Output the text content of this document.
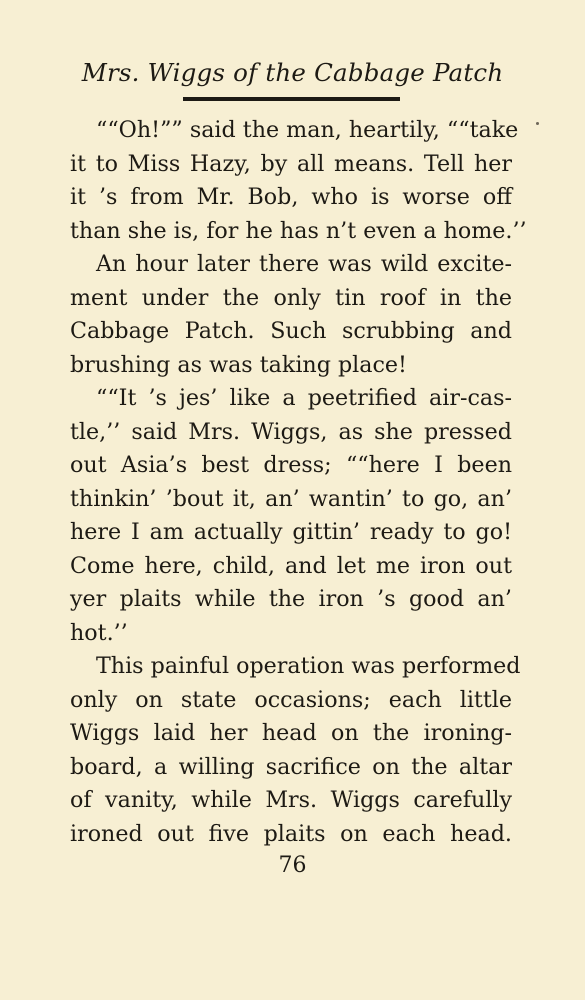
Mrs. Wiggs of the Cabbage Patch
““Oh!”” said the man, heartily, ““take
it to Miss Hazy, by all means. Tell her
it ’s from Mr. Bob, who is worse off
than she is, for he has n’t even a home.’’
An hour later there was wild excite-
ment under the only tin roof in the
Cabbage Patch. Such scrubbing and
brushing as was taking place!
““It ’s jes’ like a peetrified air-cas-
tle,’’ said Mrs. Wiggs, as she pressed
out Asia’s best dress; ““here I been
thinkin’ ’bout it, an’ wantin’ to go, an’
here I am actually gittin’ ready to go!
Come here, child, and let me iron out
yer plaits while the iron ’s good an’
hot.’’
This painful operation was performed
only on state occasions; each little
Wiggs laid her head on the ironing-
board, a willing sacrifice on the altar
of vanity, while Mrs. Wiggs carefully
ironed out five plaits on each head.
76
